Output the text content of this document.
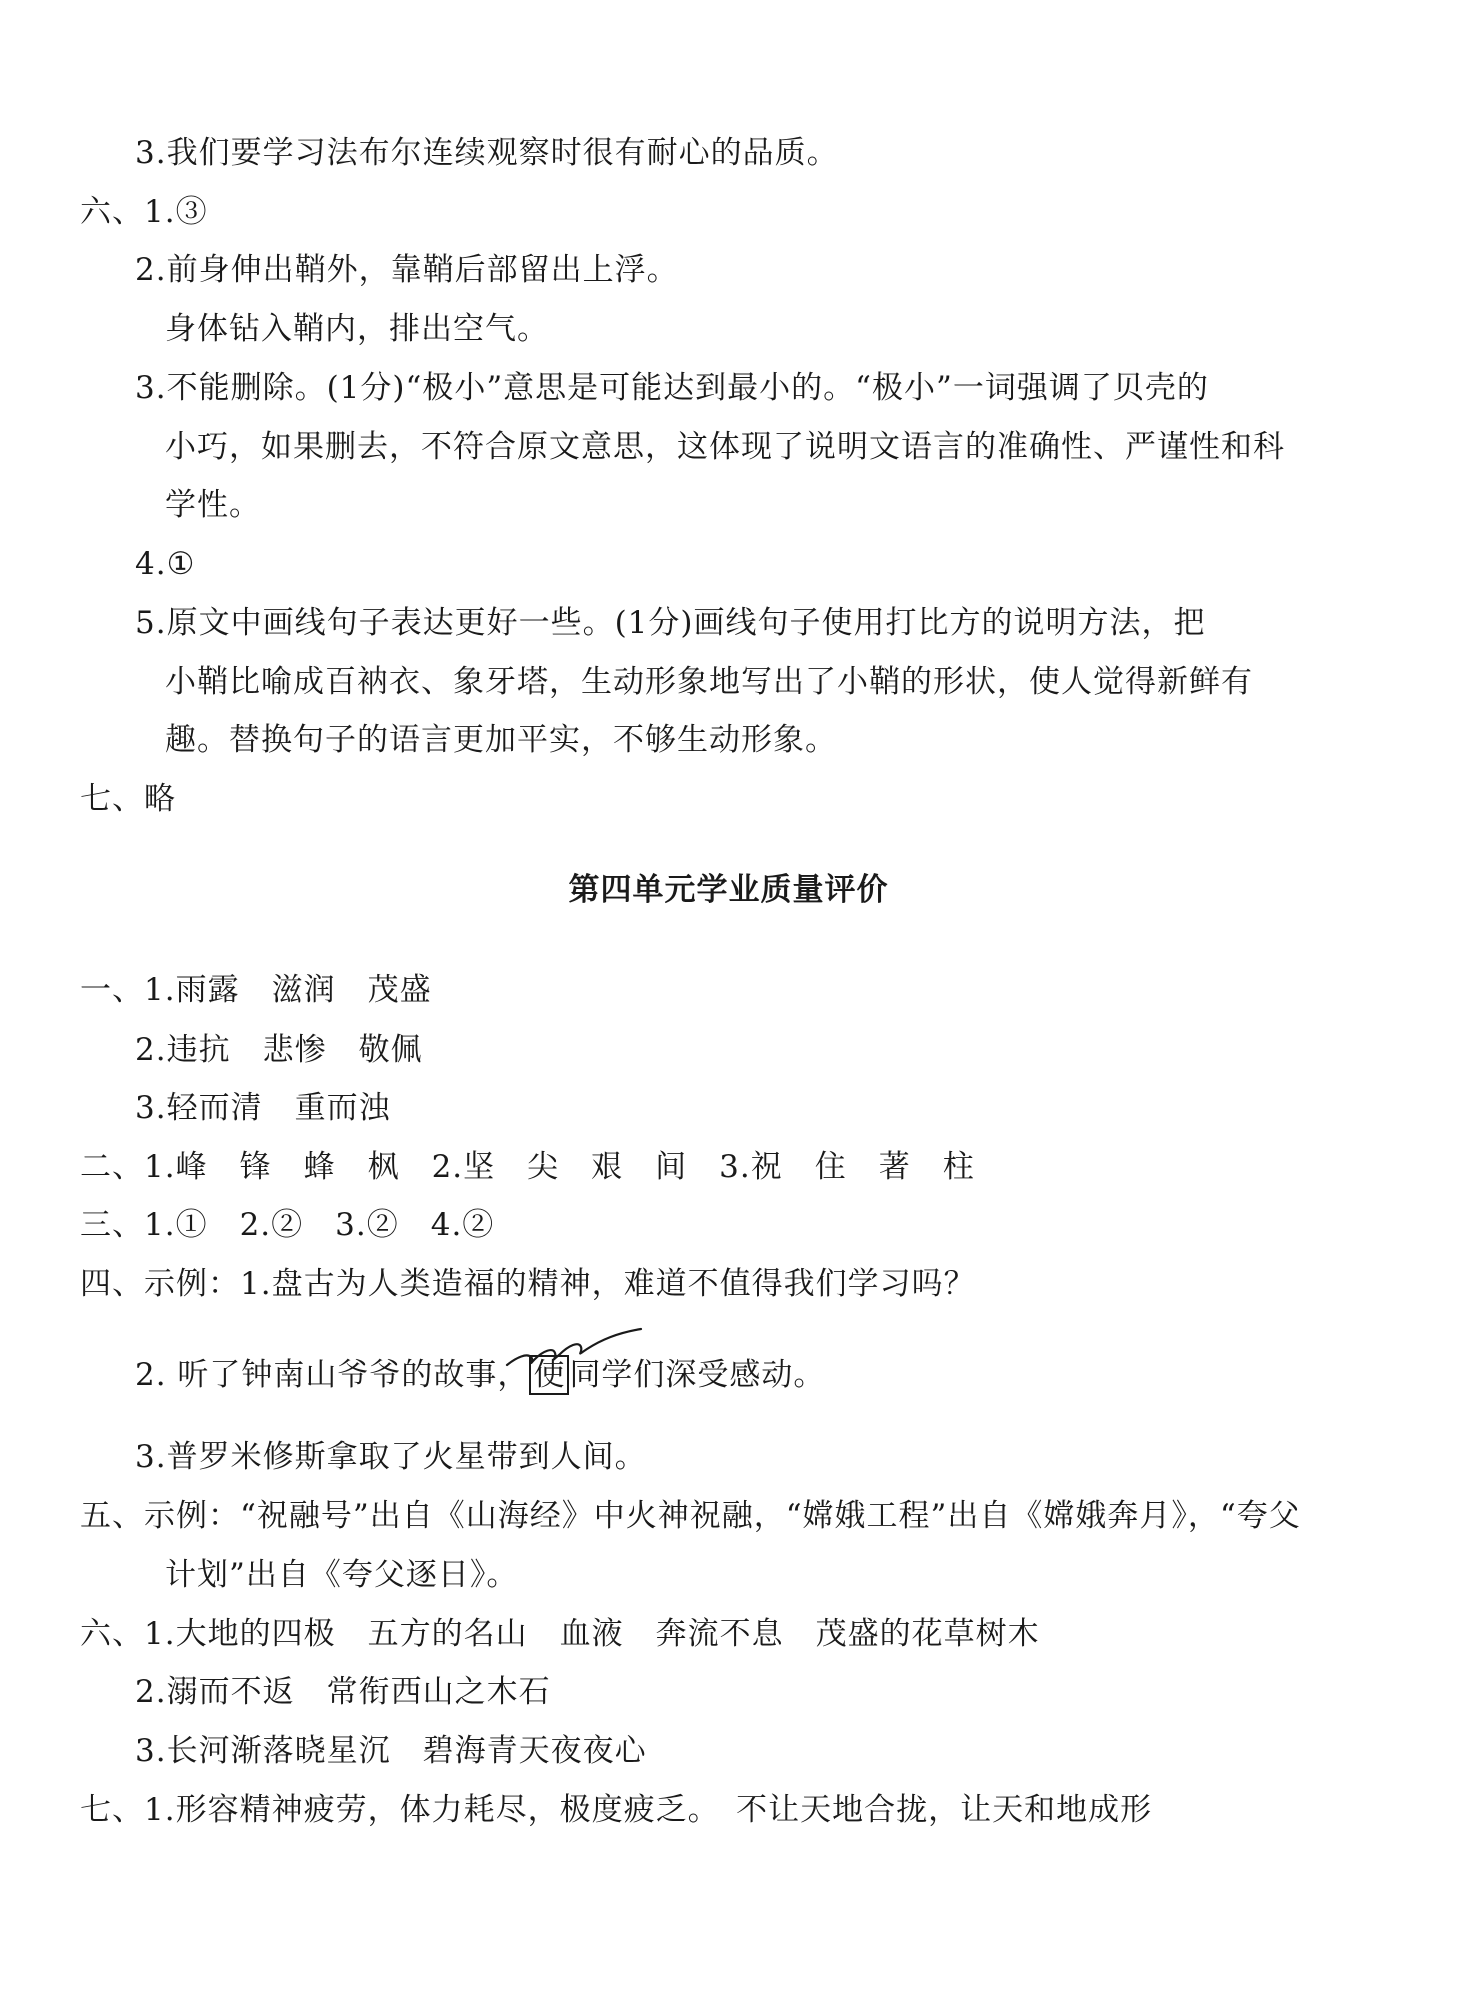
3.我们要学习法布尔连续观察时很有耐心的品质。
六、1.③
2.前身伸出鞘外，靠鞘后部留出上浮。
身体钻入鞘内，排出空气。
3.不能删除。(1分)“极小”意思是可能达到最小的。“极小”一词强调了贝壳的
小巧，如果删去，不符合原文意思，这体现了说明文语言的准确性、严谨性和科
学性。
4.①
5.原文中画线句子表达更好一些。(1分)画线句子使用打比方的说明方法，把
小鞘比喻成百衲衣、象牙塔，生动形象地写出了小鞘的形状，使人觉得新鲜有
趣。替换句子的语言更加平实，不够生动形象。
七、略
第四单元学业质量评价
一、1.雨露　滋润　茂盛
2.违抗　悲惨　敬佩
3.轻而清　重而浊
二、1.峰　锋　蜂　枫　2.坚　尖　艰　间　3.祝　住　著　柱
三、1.①　2.②　3.②　4.②
四、示例：1.盘古为人类造福的精神，难道不值得我们学习吗？
2. 听了钟南山爷爷的故事， 使 同学们深受感动。
3.普罗米修斯拿取了火星带到人间。
五、示例：“祝融号”出自《山海经》中火神祝融，“嫦娥工程”出自《嫦娥奔月》，“夸父
计划”出自《夸父逐日》。
六、1.大地的四极　五方的名山　血液　奔流不息　茂盛的花草树木
2.溺而不返　常衔西山之木石
3.长河渐落晓星沉　碧海青天夜夜心
七、1.形容精神疲劳，体力耗尽，极度疲乏。　不让天地合拢，让天和地成形
